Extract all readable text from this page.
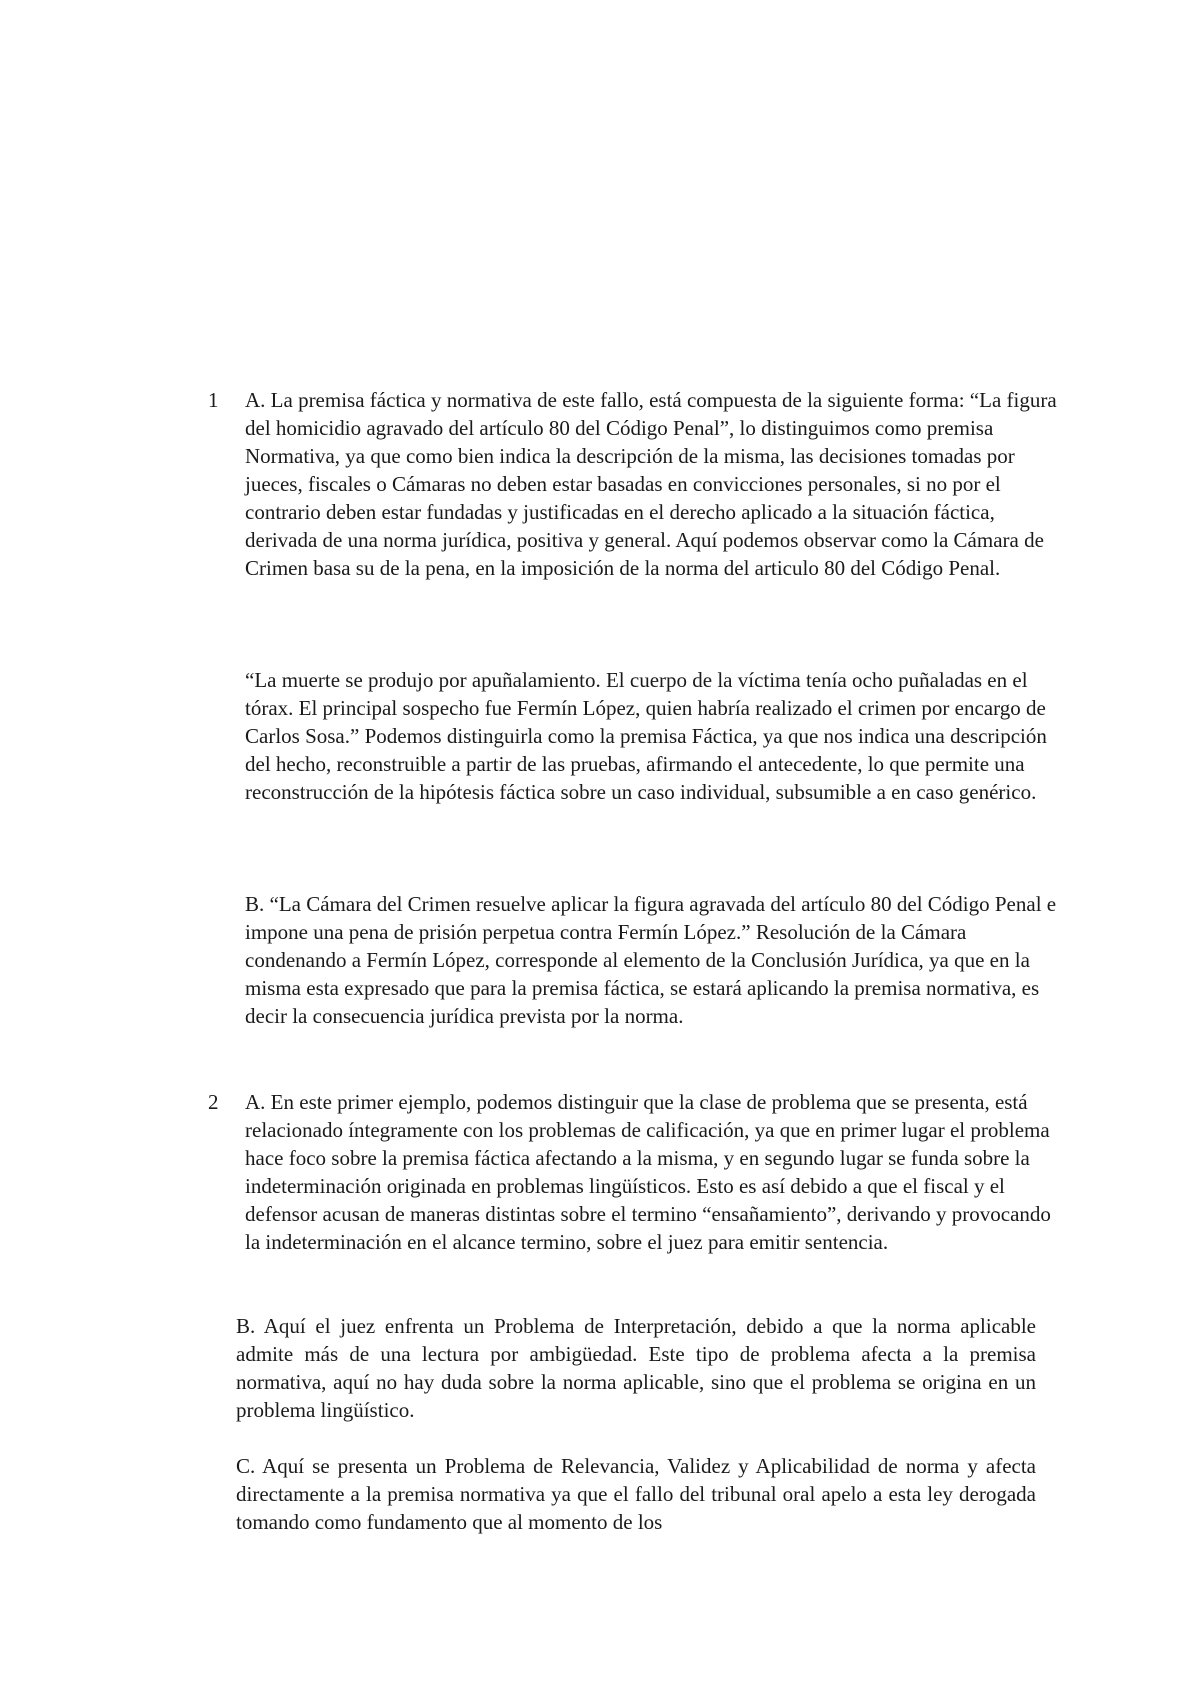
1 A. La premisa fáctica y normativa de este fallo, está compuesta de la siguiente forma: “La figura del homicidio agravado del artículo 80 del Código Penal”, lo distinguimos como premisa Normativa, ya que como bien indica la descripción de la misma, las decisiones tomadas por jueces, fiscales o Cámaras no deben estar basadas en convicciones personales, si no por el contrario deben estar fundadas y justificadas en el derecho aplicado a la situación fáctica, derivada de una norma jurídica, positiva y general. Aquí podemos observar como la Cámara de Crimen basa su de la pena, en la imposición de la norma del articulo 80 del Código Penal.

“La muerte se produjo por apuñalamiento. El cuerpo de la víctima tenía ocho puñaladas en el tórax. El principal sospecho fue Fermín López, quien habría realizado el crimen por encargo de Carlos Sosa.” Podemos distinguirla como la premisa Fáctica, ya que nos indica una descripción del hecho, reconstruible a partir de las pruebas, afirmando el antecedente, lo que permite una reconstrucción de la hipótesis fáctica sobre un caso individual, subsumible a en caso genérico.

B. “La Cámara del Crimen resuelve aplicar la figura agravada del artículo 80 del Código Penal e impone una pena de prisión perpetua contra Fermín López.” Resolución de la Cámara condenando a Fermín López, corresponde al elemento de la Conclusión Jurídica, ya que en la misma esta expresado que para la premisa fáctica, se estará aplicando la premisa normativa, es decir la consecuencia jurídica prevista por la norma.

2 A. En este primer ejemplo, podemos distinguir que la clase de problema que se presenta, está relacionado íntegramente con los problemas de calificación, ya que en primer lugar el problema hace foco sobre la premisa fáctica afectando a la misma, y en segundo lugar se funda sobre la indeterminación originada en problemas lingüísticos. Esto es así debido a que el fiscal y el defensor acusan de maneras distintas sobre el termino “ensañamiento”, derivando y provocando la indeterminación en el alcance termino, sobre el juez para emitir sentencia.

B. Aquí el juez enfrenta un Problema de Interpretación, debido a que la norma aplicable admite más de una lectura por ambigüedad. Este tipo de problema afecta a la premisa normativa, aquí no hay duda sobre la norma aplicable, sino que el problema se origina en un problema lingüístico.

C. Aquí se presenta un Problema de Relevancia, Validez y Aplicabilidad de norma y afecta directamente a la premisa normativa ya que el fallo del tribunal oral apelo a esta ley derogada tomando como fundamento que al momento de los
